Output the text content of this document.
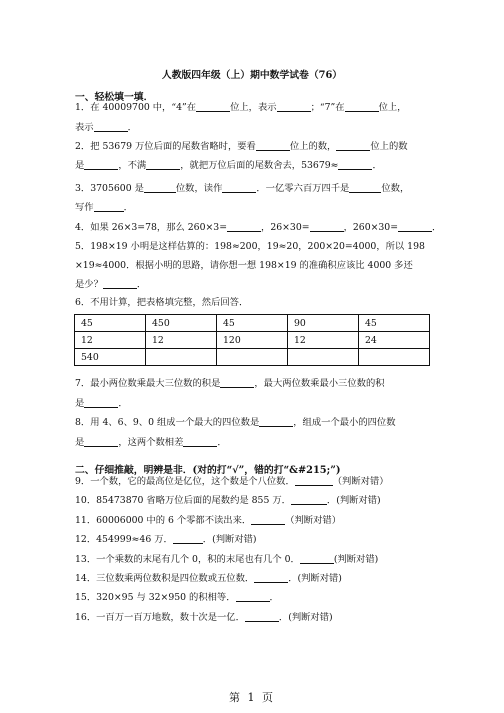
人教版四年级（上）期中数学试卷（76）
一、轻松填一填．
1．在 40009700 中，“4”在	位上，表示	；“7”在	位上，
表示	．
2．把 53679 万位后面的尾数省略时，要看	位上的数，	位上的数
是	，不满	，就把万位后面的尾数舍去，53679≈	．
3．3705600 是	位数，读作	．一亿零六百万四千是	位数，
写作	．
4．如果 26×3=78，那么 260×3=	，26×30=	，260×30=	．
5．198×19 小明是这样估算的：198≈200，19≈20，200×20=4000，所以 198
×19≈4000．根据小明的思路，请你想一想 198×19 的准确积应该比 4000 多还
是少？	．
6．不用计算，把表格填完整，然后回答．
45	450	45	90	45
12	12	120	12	24
540				
7．最小两位数乘最大三位数的积是	，最大两位数乘最小三位数的积
是	．
8．用 4、6、9、0 组成一个最大的四位数是	，组成一个最小的四位数
是	，这两个数相差	．
二、仔细推敲，明辨是非．(对的打“√”，错的打“&#215;”)
9．一个数，它的最高位是亿位，这个数是个八位数．	（判断对错）
10．85473870 省略万位后面的尾数约是 855 万．	．(判断对错)
11．60006000 中的 6 个零都不读出来．	（判断对错）
12．454999≈46 万．	．(判断对错)
13．一个乘数的末尾有几个 0，积的末尾也有几个 0．	(判断对错)
14．三位数乘两位数积是四位数或五位数．	．(判断对错)
15．320×95 与 32×950 的积相等．	．
16．一百万一百万地数，数十次是一亿．	．(判断对错)
第 1 页
